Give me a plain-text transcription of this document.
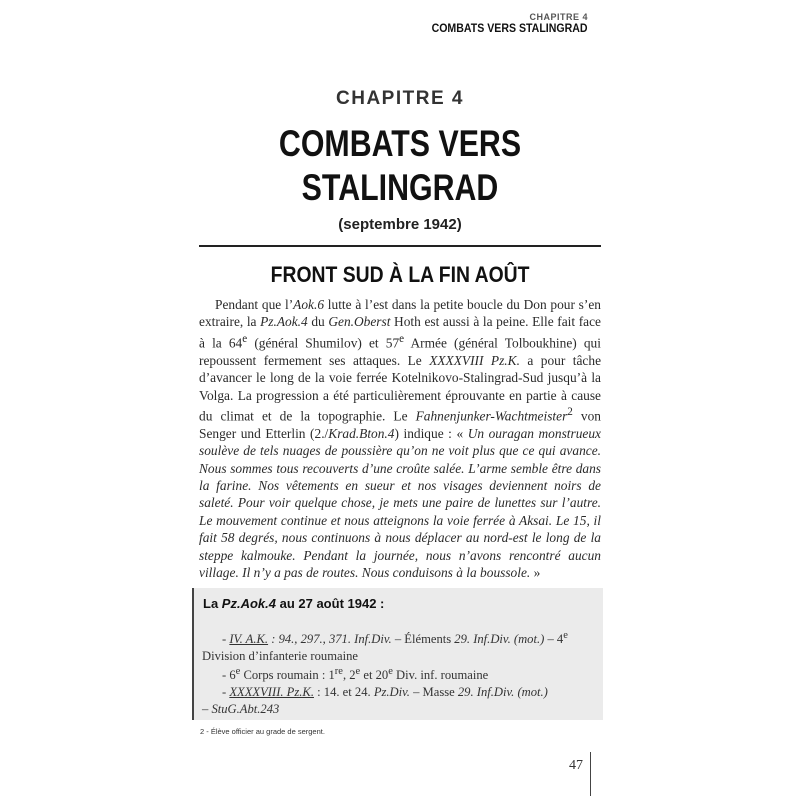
CHAPITRE 4
COMBATS VERS STALINGRAD
CHAPITRE 4
COMBATS VERS
STALINGRAD
(septembre 1942)
FRONT SUD À LA FIN AOÛT

Pendant que l’Aok.6 lutte à l’est dans la petite boucle du Don pour s’en extraire, la Pz.Aok.4 du Gen.Oberst Hoth est aussi à la peine. Elle fait face à la 64e (général Shumilov) et 57e Armée (général Tolboukhine) qui repoussent fermement ses attaques. Le XXXXVIII Pz.K. a pour tâche d’avancer le long de la voie ferrée Kotelnikovo-Stalingrad-Sud jusqu’à la Volga. La progression a été particulièrement éprouvante en partie à cause du climat et de la topographie. Le Fahnenjunker-Wachtmeister$^2$ von Senger und Etterlin (2./Krad.Bton.4) indique : « Un ouragan monstrueux soulève de tels nuages de poussière qu’on ne voit plus que ce qui avance. Nous sommes tous recouverts d’une croûte salée. L’arme semble être dans la farine. Nos vêtements en sueur et nos visages deviennent noirs de saleté. Pour voir quelque chose, je mets une paire de lunettes sur l’autre. Le mouvement continue et nous atteignons la voie ferrée à Aksai. Le 15, il fait 58 degrés, nous continuons à nous déplacer au nord-est le long de la steppe kalmouke. Pendant la journée, nous n’avons rencontré aucun village. Il n’y a pas de routes. Nous conduisons à la boussole. »

La Pz.Aok.4 au 27 août 1942 :
- IV. A.K. : 94., 297., 371. Inf.Div. – Éléments 29. Inf.Div. (mot.) – 4e
Division d’infanterie roumaine
- 6e Corps roumain : 1re, 2e et 20e Div. inf. roumaine
- XXXXVIII. Pz.K. : 14. et 24. Pz.Div. – Masse 29. Inf.Div. (mot.)
– StuG.Abt.243
2 - Élève officier au grade de sergent.
47
